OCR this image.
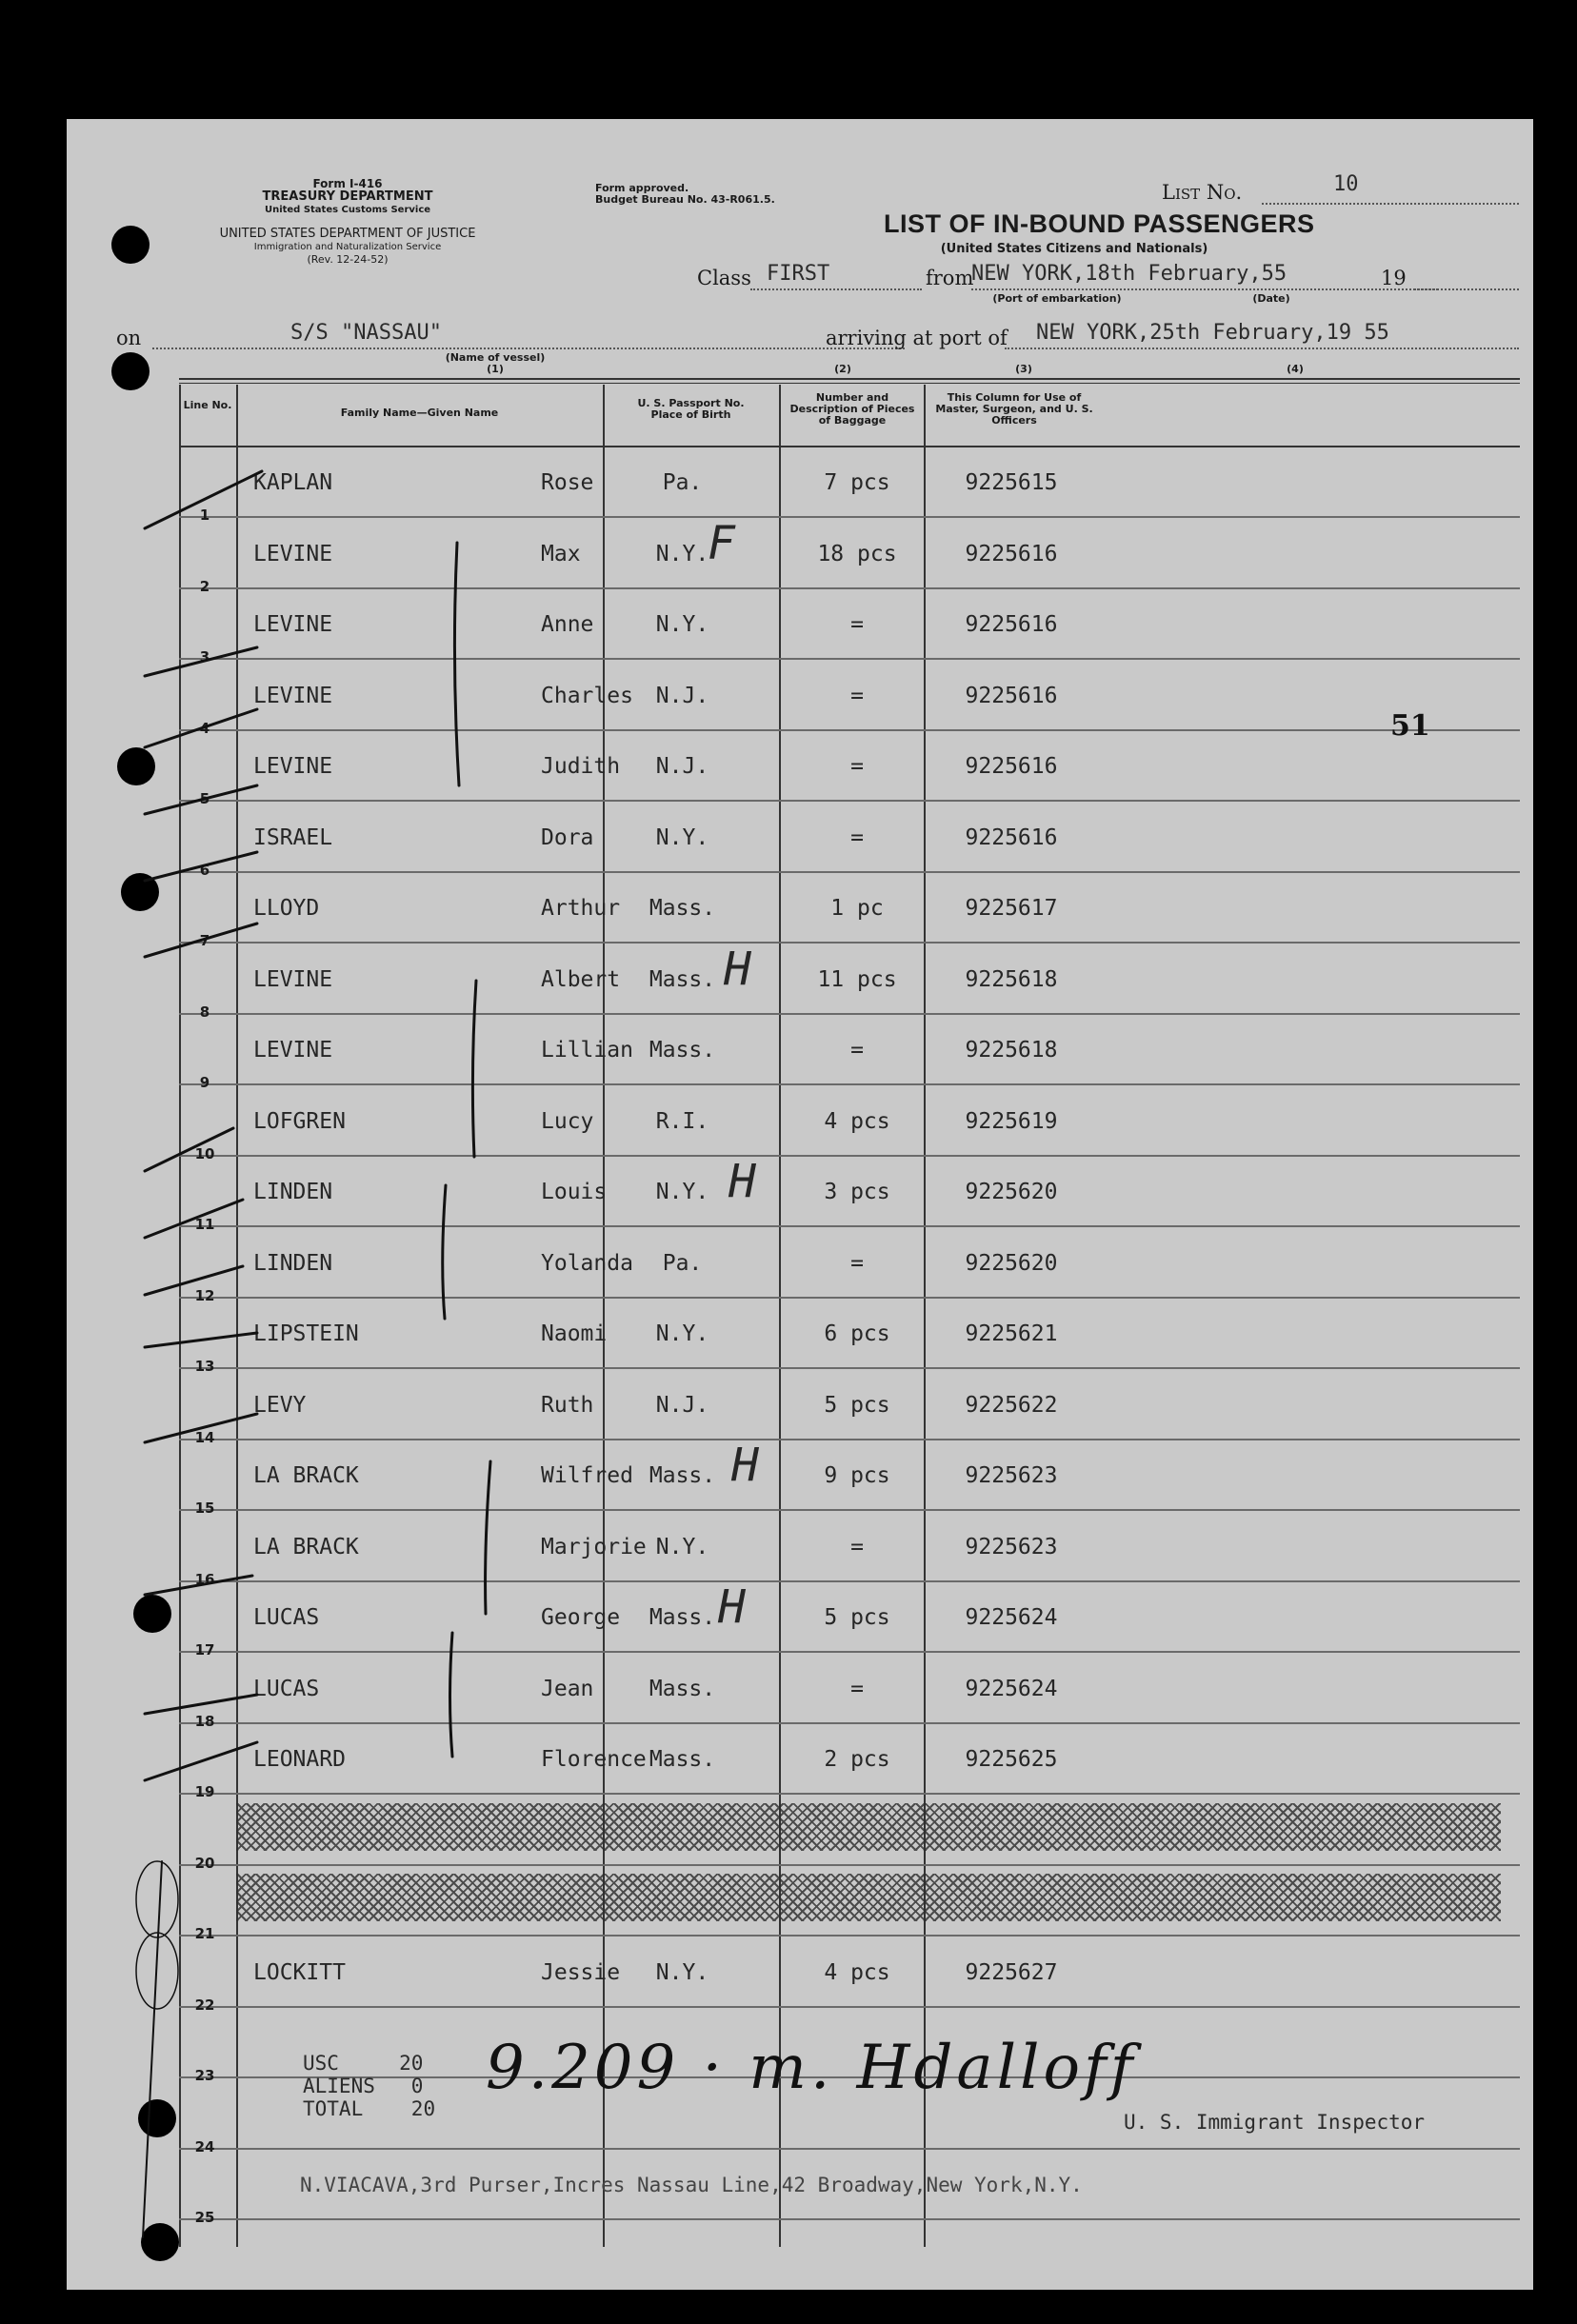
Form I-416
TREASURY DEPARTMENT
United States Customs Service
UNITED STATES DEPARTMENT OF JUSTICE
Immigration and Naturalization Service
(Rev. 12-24-52)
Form approved.
Budget Bureau No. 43-R061.5.	List No.	10
LIST OF IN-BOUND PASSENGERS
(United States Citizens and Nationals)
Class FIRST	from
NEW YORK,18th February,55	19
(Port of embarkation)	(Date)
on	S/S "NASSAU"
(Name of vessel)
(1)
arriving at port of NEW YORK,25th February,19 55
(2)	(3)	(4)
Line No.
Family Name—Given Name
U. S. Passport No. Place of Birth
Number and Description of Pieces of Baggage
This Column for Use of Master, Surgeon, and U. S. Officers
1
KAPLAN	Rose	Pa.	7 pcs	9225615
2
LEVINE	Max	N.Y.	18 pcs	9225616
F
3
LEVINE	Anne	N.Y.	=	9225616
4
LEVINE	Charles	N.J.	=	9225616
5
LEVINE	Judith	N.J.	=	9225616
6
ISRAEL	Dora	N.Y.	=	9225616
7
LLOYD	Arthur	Mass.	1 pc	9225617
8
LEVINE	Albert	Mass.	11 pcs	9225618
H
9
LEVINE	Lillian Mass.	=	9225618
10
LOFGREN	Lucy	R.I.	4 pcs	9225619
11
LINDEN	Louis	N.Y.	3 pcs	9225620
H
12
LINDEN	Yolanda	Pa.	=	9225620
13
LIPSTEIN	Naomi	N.Y.	6 pcs	9225621
14
LEVY	Ruth	N.J.	5 pcs	9225622
15
LA BRACK	Wilfred Mass.	9 pcs	9225623
H
16
LA BRACK	Marjorie N.Y.	=	9225623
17
LUCAS	George	Mass.	5 pcs	9225624
H
18
LUCAS	Jean	Mass.	=	9225624
19
LEONARD	Florence Mass.	2 pcs	9225625
20
21
22
LOCKITT	Jessie	N.Y.	4 pcs	9225627
23
24
25
51
USC	20
ALIENS 0
TOTAL 20
9.209 · m. Hdalloff
U. S. Immigrant Inspector
N.VIACAVA,3rd Purser,Incres Nassau Line,42 Broadway,New York,N.Y.
